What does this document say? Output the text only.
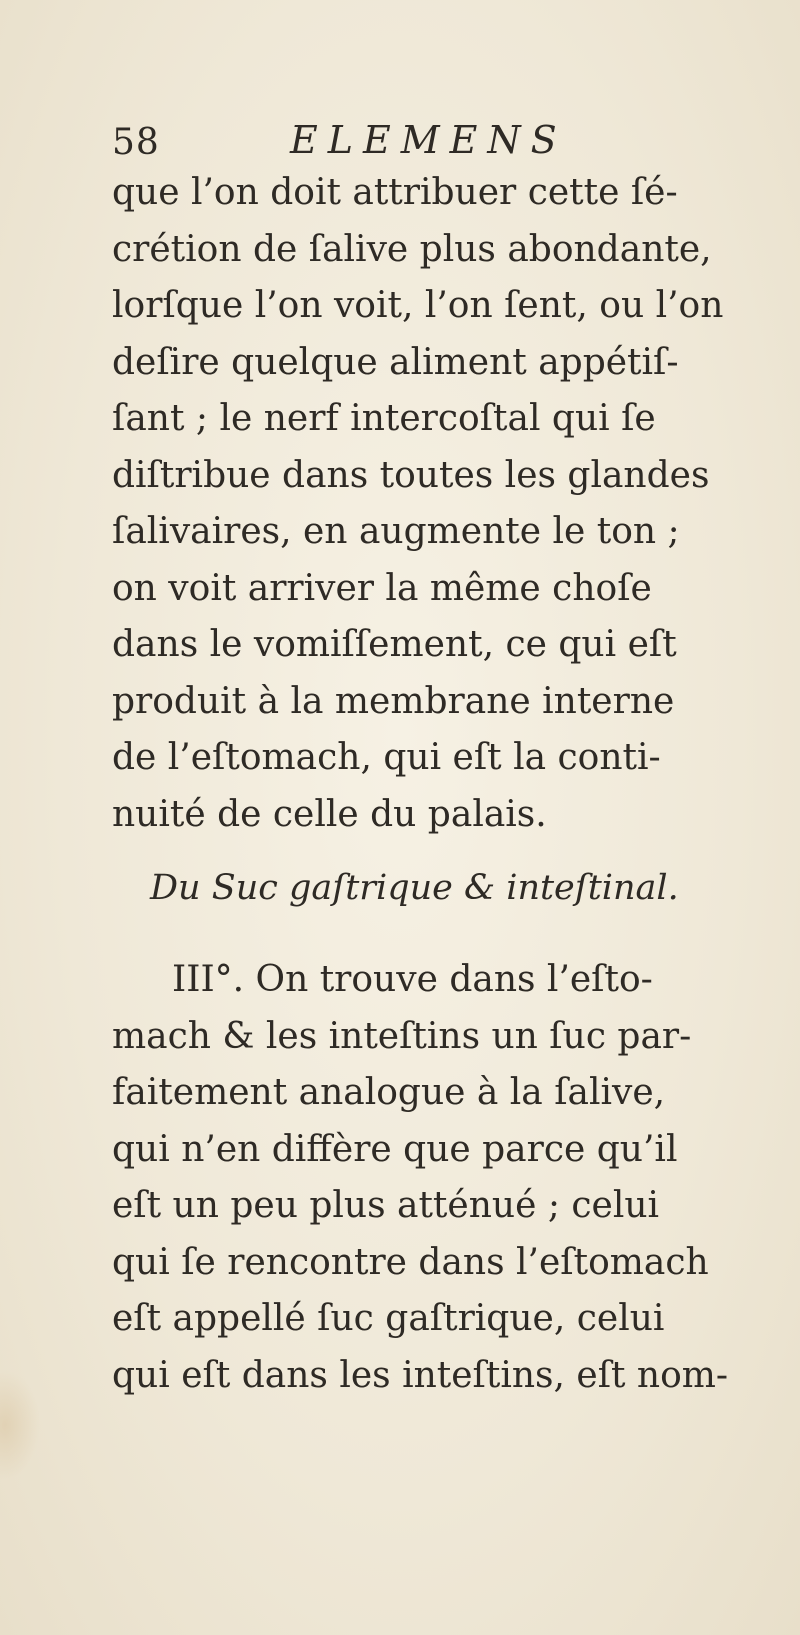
58	ELEMENS
que l’on doit attribuer cette ſé-
crétion de ſalive plus abondante,
lorſque l’on voit, l’on ſent, ou l’on
deſire quelque aliment appétiſ-
ſant ; le nerf intercoſtal qui ſe
diſtribue dans toutes les glandes
ſalivaires, en augmente le ton ;
on voit arriver la même choſe
dans le vomiſſement, ce qui eſt
produit à la membrane interne
de l’eſtomach, qui eſt la conti-
nuité de celle du palais.
Du Suc gaſtrique & inteſtinal.
III°. On trouve dans l’eſto-
mach & les inteſtins un ſuc par-
faitement analogue à la ſalive,
qui n’en diffère que parce qu’il
eſt un peu plus atténué ; celui
qui ſe rencontre dans l’eſtomach
eſt appellé ſuc gaſtrique, celui
qui eſt dans les inteſtins, eſt nom-
